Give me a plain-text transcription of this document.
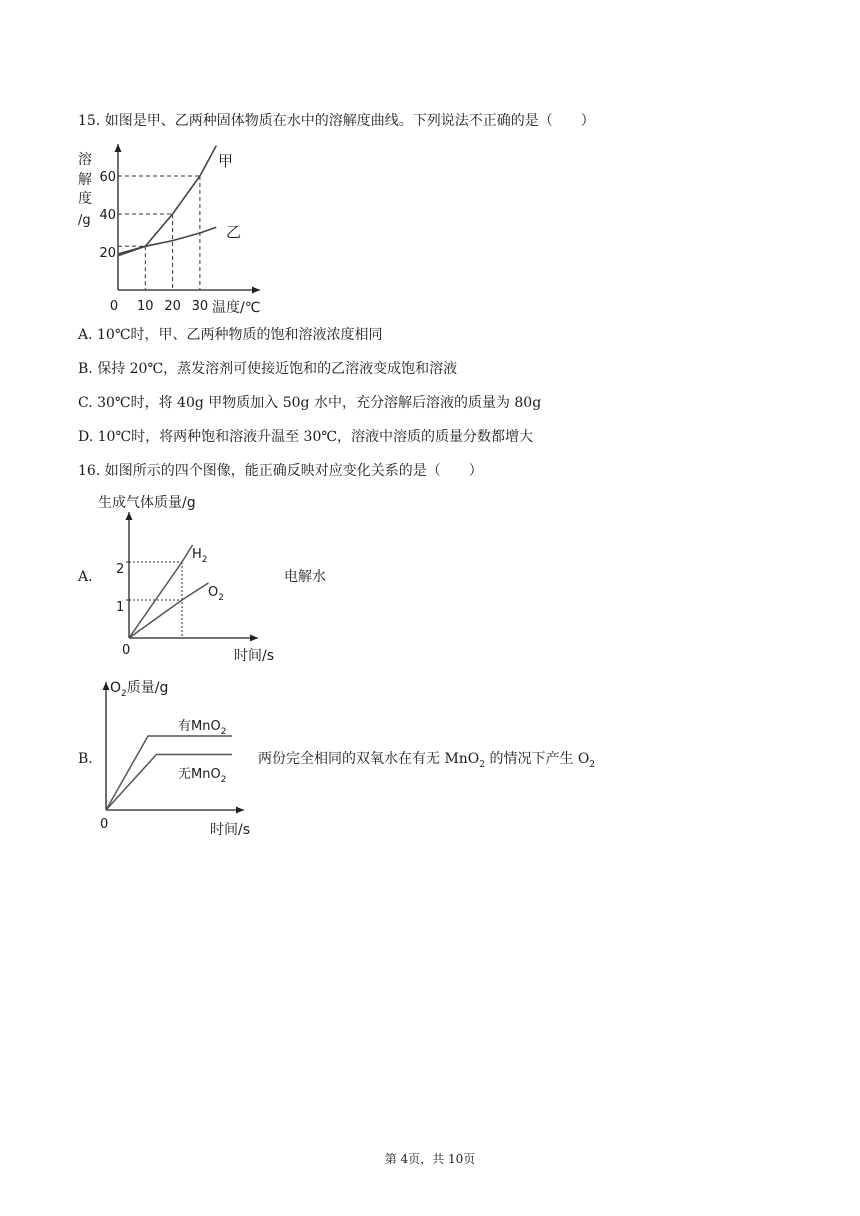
15. 如图是甲、乙两种固体物质在水中的溶解度曲线。下列说法不正确的是（　　）
溶
解
度
/g
温度/℃
甲
乙
0 10 20 30
20
40
60
A. 10℃时，甲、乙两种物质的饱和溶液浓度相同
B. 保持 20℃，蒸发溶剂可使接近饱和的乙溶液变成饱和溶液
C. 30℃时，将 40g 甲物质加入 50g 水中，充分溶解后溶液的质量为 80g
D. 10℃时，将两种饱和溶液升温至 30℃，溶液中溶质的质量分数都增大
16. 如图所示的四个图像，能正确反映对应变化关系的是（　　）
A.
生成气体质量/g
时间/s
0
1
2
$H_2$
$O_2$
电解水
B.
$O_2$质量/g
时间/s
0
有MnO$_2$
无MnO$_2$
两份完全相同的双氧水在有无 MnO$_2$ 的情况下产生 $O_2$
第 4页，共 10页
